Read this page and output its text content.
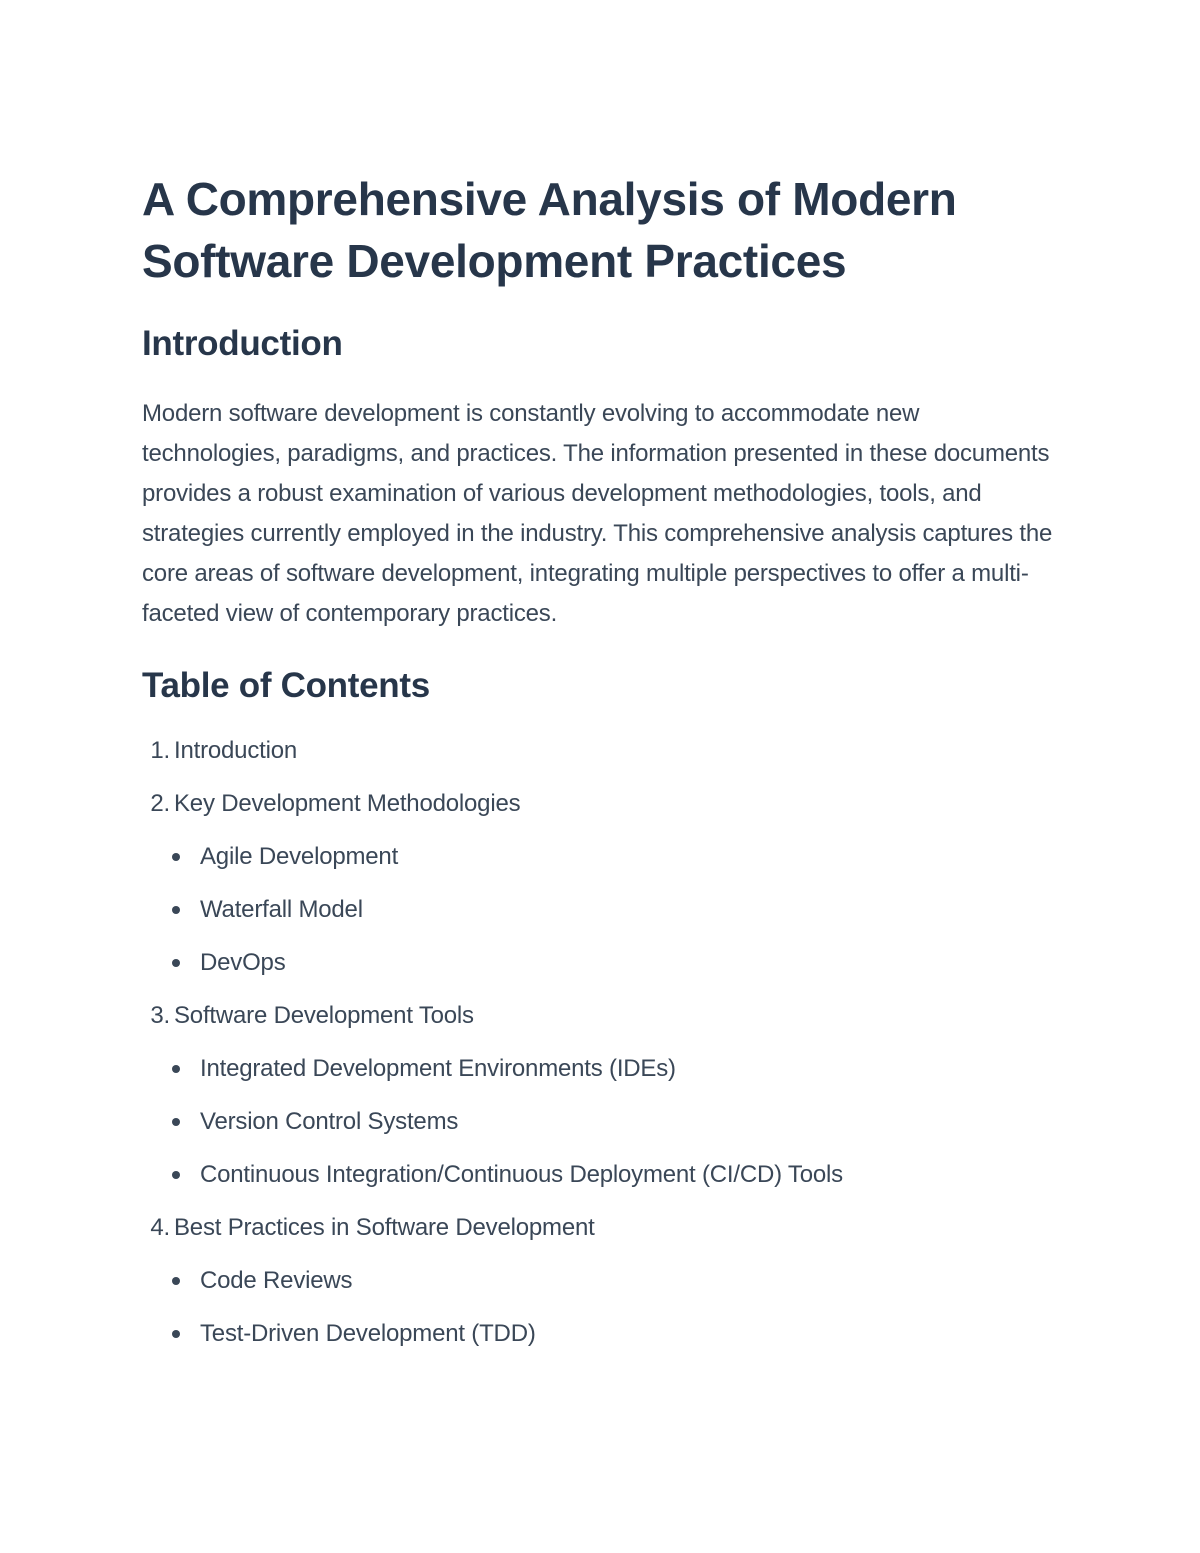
A Comprehensive Analysis of Modern
Software Development Practices
Introduction

Modern software development is constantly evolving to accommodate new technologies, paradigms, and practices. The information presented in these documents provides a robust examination of various development methodologies, tools, and strategies currently employed in the industry. This comprehensive analysis captures the core areas of software development, integrating multiple perspectives to offer a multi-faceted view of contemporary practices.

Table of Contents
1. Introduction
2. Key Development Methodologies
Agile Development
Waterfall Model
DevOps
3. Software Development Tools
Integrated Development Environments (IDEs)
Version Control Systems
Continuous Integration/Continuous Deployment (CI/CD) Tools
4. Best Practices in Software Development
Code Reviews
Test-Driven Development (TDD)
